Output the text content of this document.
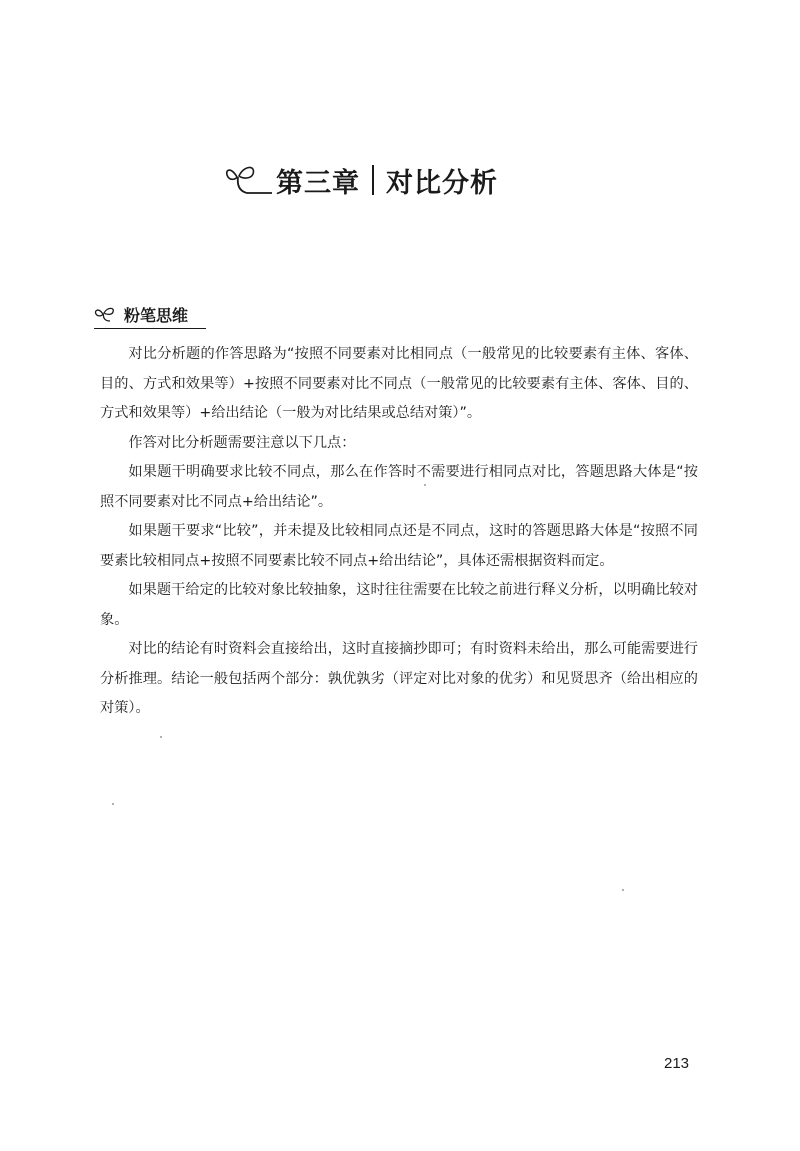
第三章 对比分析
粉笔思维

对比分析题的作答思路为“按照不同要素对比相同点（一般常见的比较要素有主体、客体、目的、方式和效果等）+按照不同要素对比不同点（一般常见的比较要素有主体、客体、目的、方式和效果等）+给出结论（一般为对比结果或总结对策）”。

作答对比分析题需要注意以下几点：

如果题干明确要求比较不同点，那么在作答时不需要进行相同点对比，答题思路大体是“按照不同要素对比不同点+给出结论”。

如果题干要求“比较”，并未提及比较相同点还是不同点，这时的答题思路大体是“按照不同要素比较相同点+按照不同要素比较不同点+给出结论”，具体还需根据资料而定。

如果题干给定的比较对象比较抽象，这时往往需要在比较之前进行释义分析，以明确比较对象。

对比的结论有时资料会直接给出，这时直接摘抄即可；有时资料未给出，那么可能需要进行分析推理。结论一般包括两个部分：孰优孰劣（评定对比对象的优劣）和见贤思齐（给出相应的对策）。

213
